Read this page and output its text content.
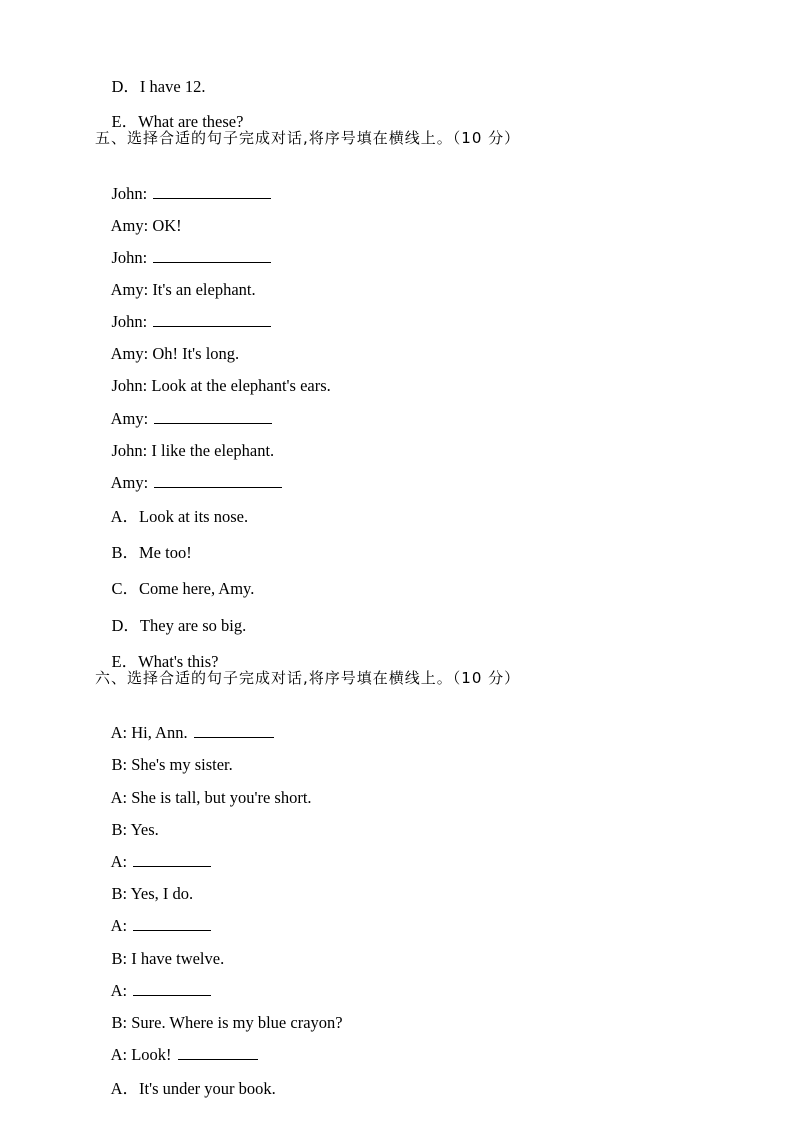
D．I have 12.

E．What are these?

五、选择合适的句子完成对话,将序号填在横线上。（10 分）

John:

Amy: OK!

John:

Amy: It's an elephant.

John:

Amy: Oh! It's long.

John: Look at the elephant's ears.

Amy:

John: I like the elephant.

Amy:

A．Look at its nose.

B．Me too!

C．Come here, Amy.

D．They are so big.

E．What's this?

六、选择合适的句子完成对话,将序号填在横线上。（10 分）

A: Hi, Ann.

B: She's my sister.

A: She is tall, but you're short.

B: Yes.

A:

B: Yes, I do.

A:

B: I have twelve.

A:

B: Sure. Where is my blue crayon?

A: Look!

A．It's under your book.
